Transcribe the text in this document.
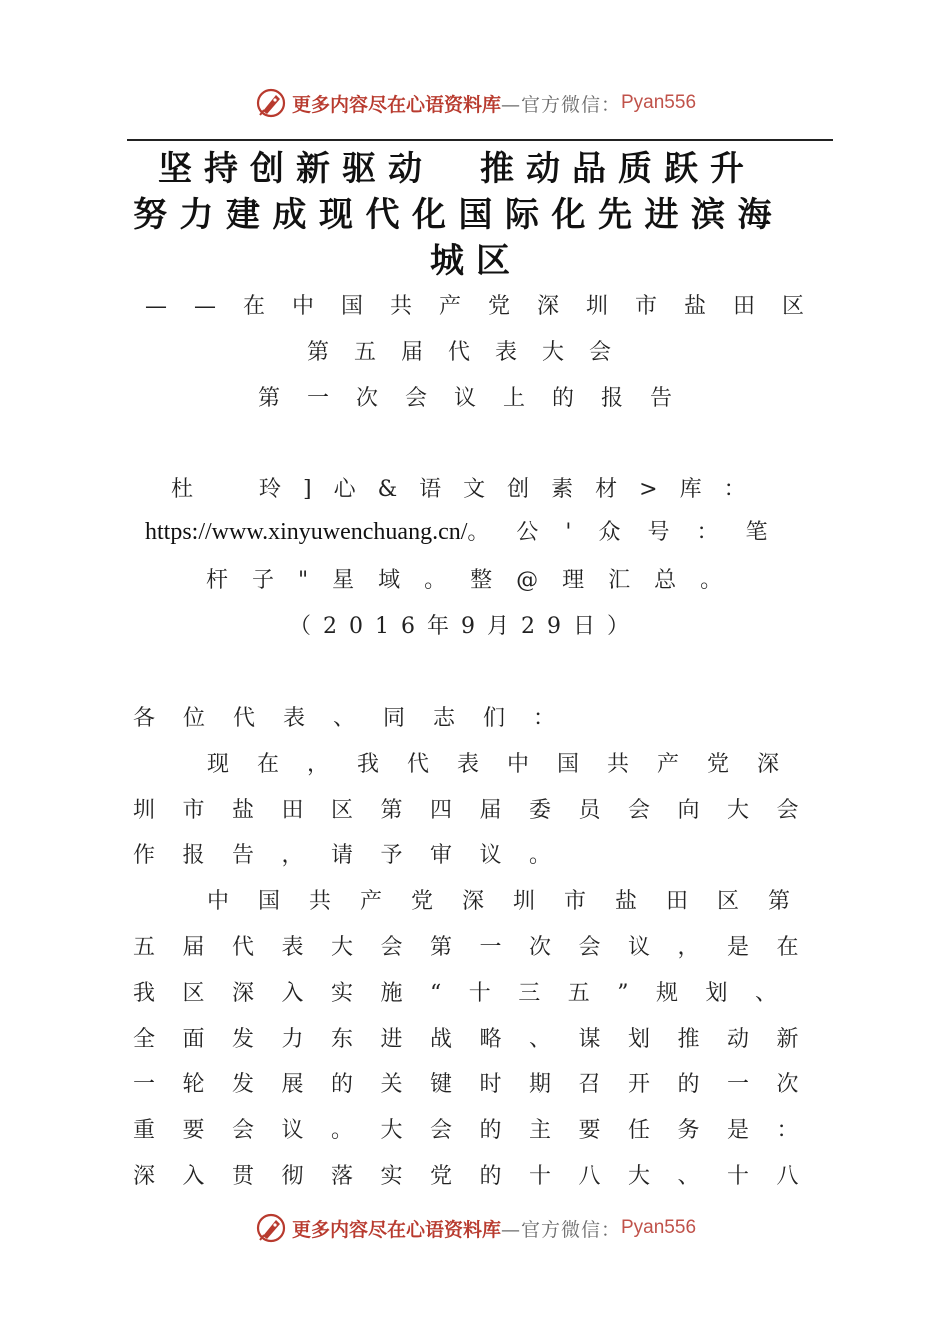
更多内容尽在心语资料库 —官方微信： Pyan556
坚持创新驱动　推动品质跃升
努力建成现代化国际化先进滨海
城区
——在中国共产党深圳市盐田区
第五届代表大会
第一次会议上的报告
杜　玲]心&语文创素材>库：
https://www.xinyuwenchuang.cn/。公'众号：笔
杆子"星域。整@理汇总。
（2016年9月29日）
各位代表、同志们：
现在，我代表中国共产党深
圳市盐田区第四届委员会向大会
作报告，请予审议。
中国共产党深圳市盐田区第
五届代表大会第一次会议，是在
我区深入实施“十三五”规划、
全面发力东进战略、谋划推动新
一轮发展的关键时期召开的一次
重要会议。大会的主要任务是：
深入贯彻落实党的十八大、十八
更多内容尽在心语资料库 —官方微信： Pyan556
